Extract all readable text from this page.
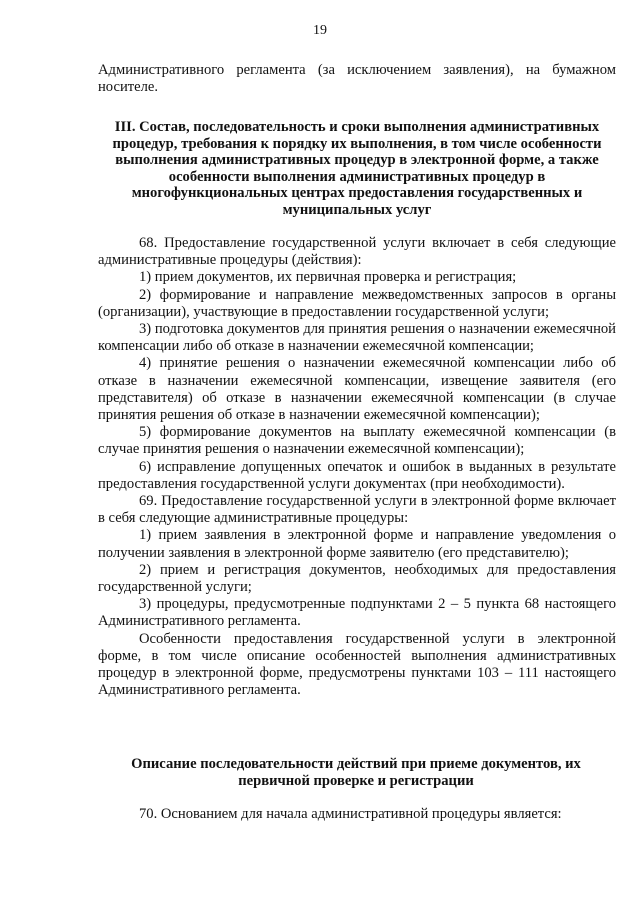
19

Административного регламента (за исключением заявления), на бумажном носителе.

III. Состав, последовательность и сроки выполнения административных процедур, требования к порядку их выполнения, в том числе особенности выполнения административных процедур в электронной форме, а также особенности выполнения административных процедур в многофункциональных центрах предоставления государственных и муниципальных услуг

68. Предоставление государственной услуги включает в себя следующие административные процедуры (действия):

1) прием документов, их первичная проверка и регистрация;

2) формирование и направление межведомственных запросов в органы (организации), участвующие в предоставлении государственной услуги;

3) подготовка документов для принятия решения о назначении ежемесячной компенсации либо об отказе в назначении ежемесячной компенсации;

4) принятие решения о назначении ежемесячной компенсации либо об отказе в назначении ежемесячной компенсации, извещение заявителя (его представителя) об отказе в назначении ежемесячной компенсации (в случае принятия решения об отказе в назначении ежемесячной компенсации);

5) формирование документов на выплату ежемесячной компенсации (в случае принятия решения о назначении ежемесячной компенсации);

6) исправление допущенных опечаток и ошибок в выданных в результате предоставления государственной услуги документах (при необходимости).

69. Предоставление государственной услуги в электронной форме включает в себя следующие административные процедуры:

1) прием заявления в электронной форме и направление уведомления о получении заявления в электронной форме заявителю (его представителю);

2) прием и регистрация документов, необходимых для предоставления государственной услуги;

3) процедуры, предусмотренные подпунктами 2 – 5 пункта 68 настоящего Административного регламента.

Особенности предоставления государственной услуги в электронной форме, в том числе описание особенностей выполнения административных процедур в электронной форме, предусмотрены пунктами 103 – 111 настоящего Административного регламента.

Описание последовательности действий при приеме документов, их первичной проверке и регистрации

70. Основанием для начала административной процедуры является:
